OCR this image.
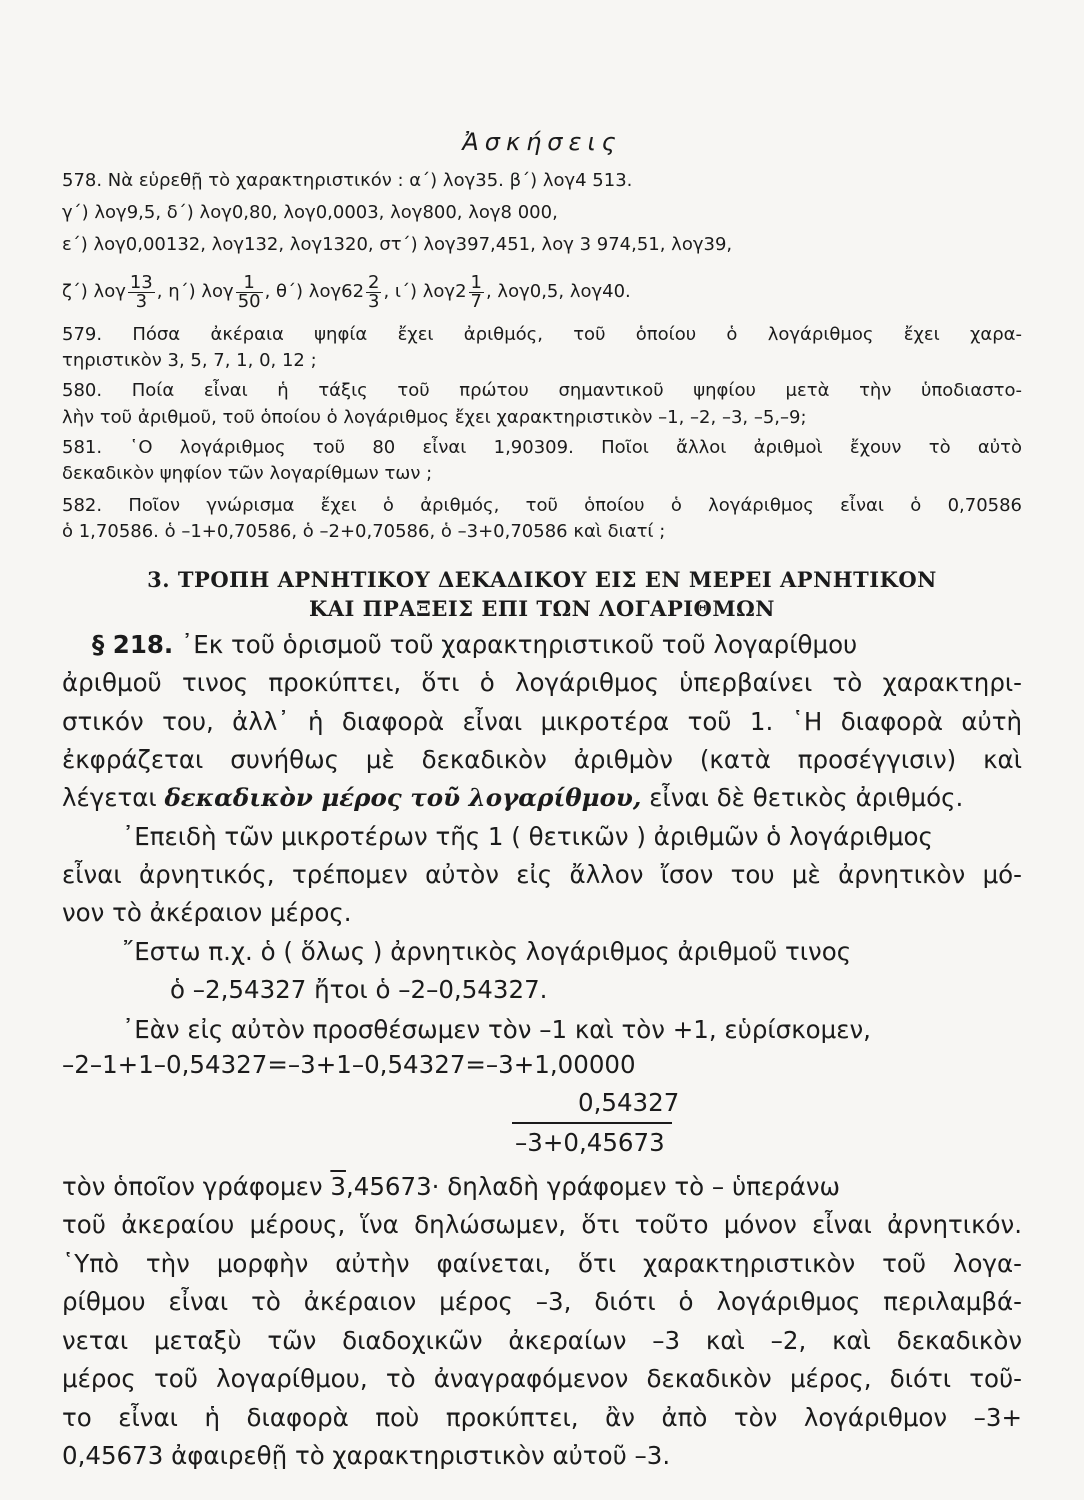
Ἀσκήσεις
578. Νὰ εὑρεθῇ τὸ χαρακτηριστικόν : α΄) λογ35. β΄) λογ4 513.
γ΄) λογ9,5, δ΄) λογ0,80, λογ0,0003, λογ800, λογ8 000,
ε΄) λογ0,00132, λογ132, λογ1320, στ΄) λογ397,451, λογ 3 974,51, λογ39,
ζ΄) λογ $\frac{13}{3}$ , η΄) λογ $\frac{1}{50}$ , θ΄) $\lambda o\gamma 62 \frac{2}{3}$ , ι΄) $\lambda o\gamma 2 \frac{1}{7}$ , λογ0,5, λογ40.
579. Πόσα ἀκέραια ψηφία ἔχει ἀριθμός, τοῦ ὁποίου ὁ λογάριθμος ἔχει χαρα-
τηριστικὸν 3, 5, 7, 1, 0, 12 ;
580. Ποία εἶναι ἡ τάξις τοῦ πρώτου σημαντικοῦ ψηφίου μετὰ τὴν ὑποδιαστο-
λὴν τοῦ ἀριθμοῦ, τοῦ ὁποίου ὁ λογάριθμος ἔχει χαρακτηριστικὸν –1, –2, –3, –5,–9;
581. ῾Ο λογάριθμος τοῦ 80 εἶναι 1,90309. Ποῖοι ἄλλοι ἀριθμοὶ ἔχουν τὸ αὐτὸ
δεκαδικὸν ψηφίον τῶν λογαρίθμων των ;
582. Ποῖον γνώρισμα ἔχει ὁ ἀριθμός, τοῦ ὁποίου ὁ λογάριθμος εἶναι ὁ 0,70586
ὁ 1,70586. ὁ –1+0,70586, ὁ –2+0,70586, ὁ –3+0,70586 καὶ διατί ;
3. ΤΡΟΠΗ ΑΡΝΗΤΙΚΟΥ ΔΕΚΑΔΙΚΟΥ ΕΙΣ ΕΝ ΜΕΡΕΙ ΑΡΝΗΤΙΚΟΝ
ΚΑΙ ΠΡΑΞΕΙΣ ΕΠΙ ΤΩΝ ΛΟΓΑΡΙΘΜΩΝ
§ 218. ᾿Εκ τοῦ ὁρισμοῦ τοῦ χαρακτηριστικοῦ τοῦ λογαρίθμου
ἀριθμοῦ τινος προκύπτει, ὅτι ὁ λογάριθμος ὑπερβαίνει τὸ χαρακτηρι-
στικόν του, ἀλλ᾿ ἡ διαφορὰ εἶναι μικροτέρα τοῦ 1. ῾Η διαφορὰ αὐτὴ
ἐκφράζεται συνήθως μὲ δεκαδικὸν ἀριθμὸν (κατὰ προσέγγισιν) καὶ
λέγεται δεκαδικὸν μέρος τοῦ λογαρίθμου, εἶναι δὲ θετικὸς ἀριθμός.
᾿Επειδὴ τῶν μικροτέρων τῆς 1 ( θετικῶν ) ἀριθμῶν ὁ λογάριθμος
εἶναι ἀρνητικός, τρέπομεν αὐτὸν εἰς ἄλλον ἴσον του μὲ ἀρνητικὸν μό-
νον τὸ ἀκέραιον μέρος.
῎Εστω π.χ. ὁ ( ὅλως ) ἀρνητικὸς λογάριθμος ἀριθμοῦ τινος
ὁ –2,54327 ἤτοι ὁ –2–0,54327.
᾿Εὰν εἰς αὐτὸν προσθέσωμεν τὸν –1 καὶ τὸν +1, εὑρίσκομεν,
–2–1+1–0,54327=–3+1–0,54327=–3+1,00000
0,54327
–3+0,45673
τὸν ὁποῖον γράφομεν 3,45673· δηλαδὴ γράφομεν τὸ – ὑπεράνω
τοῦ ἀκεραίου μέρους, ἵνα δηλώσωμεν, ὅτι τοῦτο μόνον εἶναι ἀρνητικόν.
῾Υπὸ τὴν μορφὴν αὐτὴν φαίνεται, ὅτι χαρακτηριστικὸν τοῦ λογα-
ρίθμου εἶναι τὸ ἀκέραιον μέρος –3, διότι ὁ λογάριθμος περιλαμβά-
νεται μεταξὺ τῶν διαδοχικῶν ἀκεραίων –3 καὶ –2, καὶ δεκαδικὸν
μέρος τοῦ λογαρίθμου, τὸ ἀναγραφόμενον δεκαδικὸν μέρος, διότι τοῦ-
το εἶναι ἡ διαφορὰ ποὺ προκύπτει, ἂν ἀπὸ τὸν λογάριθμον –3+
0,45673 ἀφαιρεθῇ τὸ χαρακτηριστικὸν αὐτοῦ –3.
